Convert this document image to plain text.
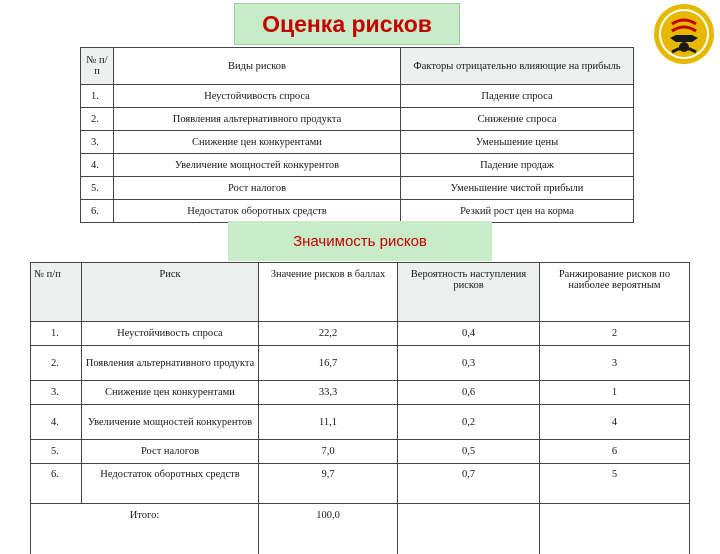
Оценка рисков
№ п/п	Виды рисков	Факторы отрицательно влияющие на прибыль
1.	Неустойчивость спроса	Падение спроса
2.	Появления альтернативного продукта	Снижение спроса
3.	Снижение цен конкурентами	Уменьшение цены
4.	Увеличение мощностей конкурентов	Падение продаж
5.	Рост налогов	Уменьшение чистой прибыли
6.	Недостаток оборотных средств	Резкий рост цен на корма
Значимость рисков
№ п/п	Риск	Значение рисков в баллах	Вероятность наступления рисков	Ранжирование рисков по наиболее вероятным
1.	Неустойчивость спроса	22,2	0,4	2
2.	Появления альтернативного продукта	16,7	0,3	3
3.	Снижение цен конкурентами	33,3	0,6	1
4.	Увеличение мощностей конкурентов	11,1	0,2	4
5.	Рост налогов	7,0	0,5	6
6.	Недостаток оборотных средств	9,7	0,7	5
Итого:		100,0		
